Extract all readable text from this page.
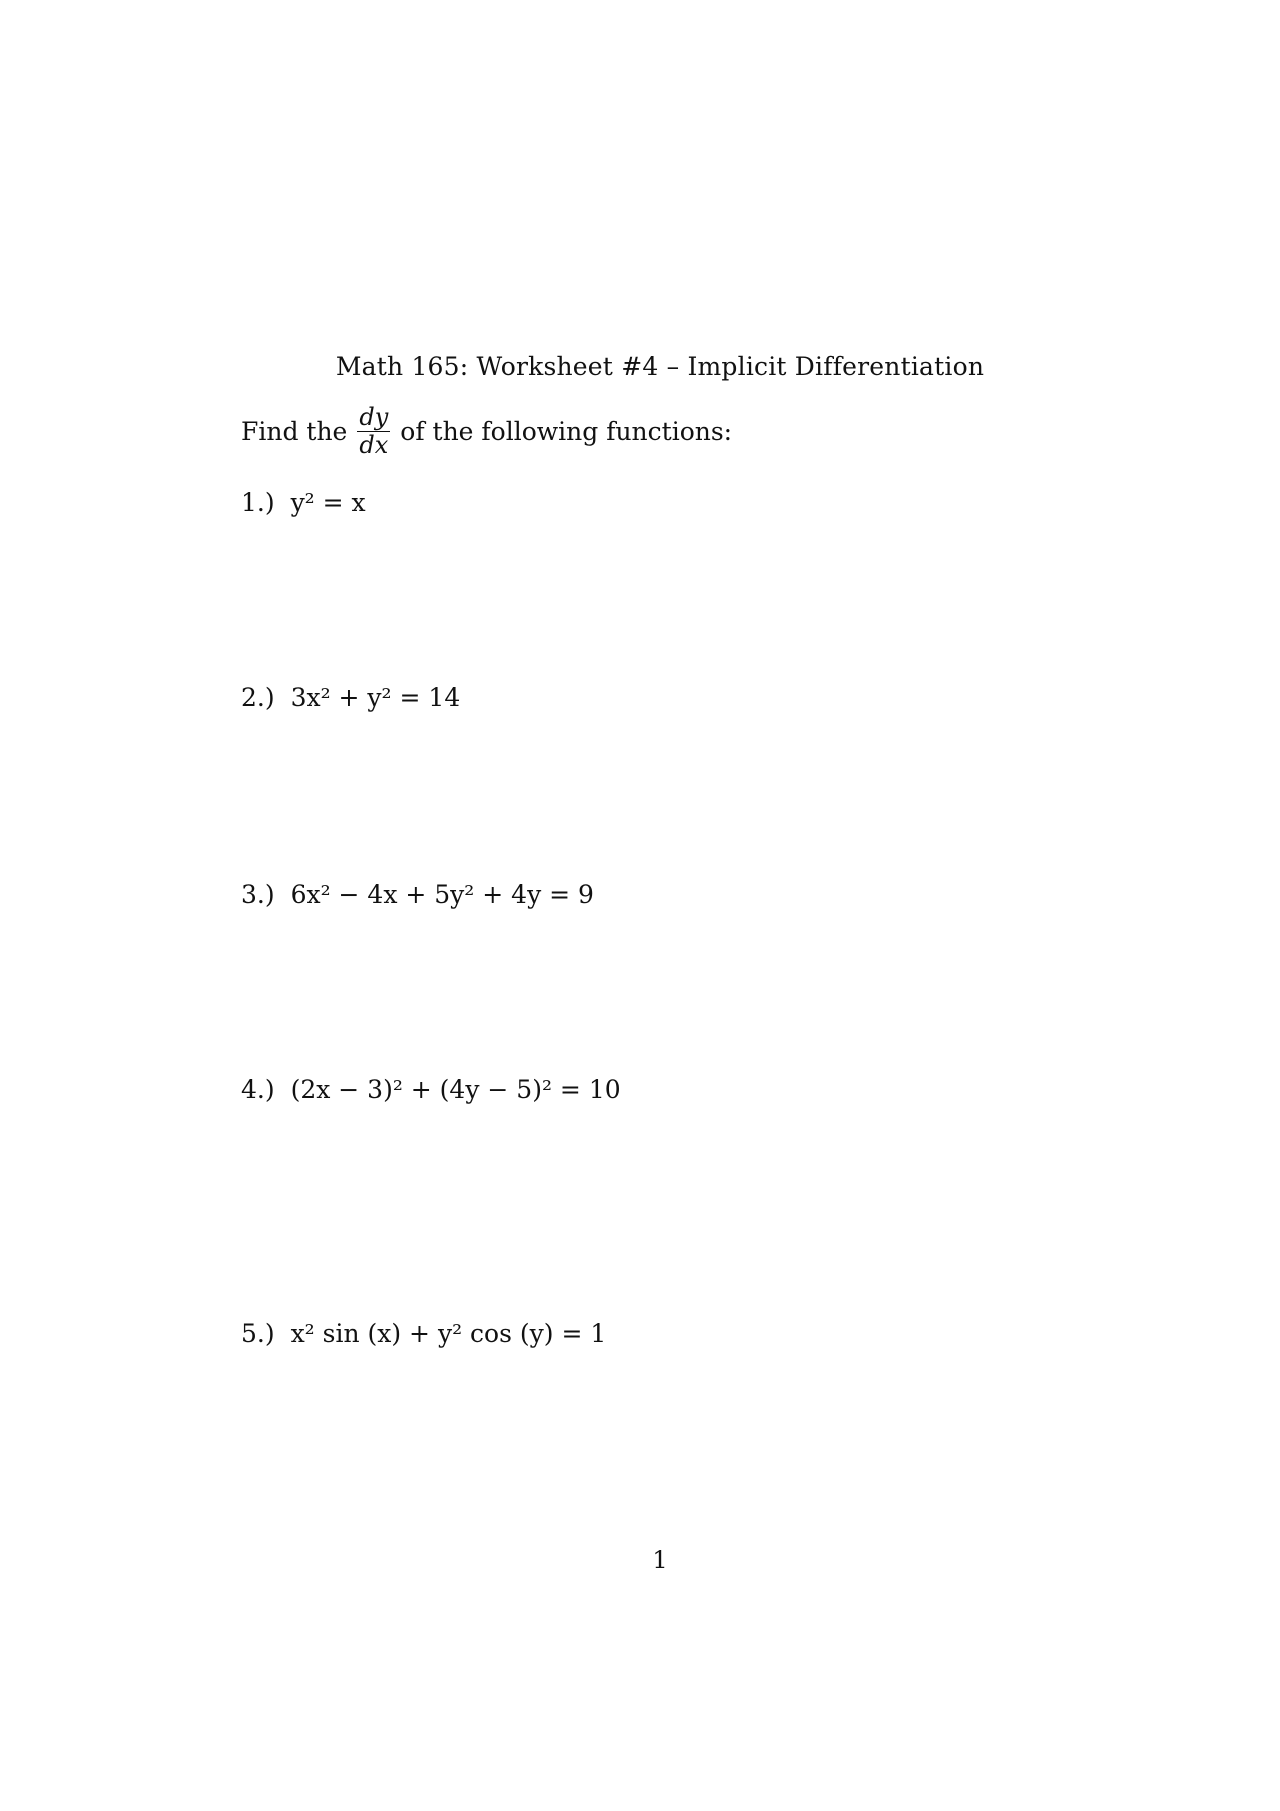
Math 165: Worksheet #4 – Implicit Differentiation
Find the $\frac{dy}{dx}$ of the following functions:
1.) y² = x
2.) 3x² + y² = 14
3.) 6x² − 4x + 5y² + 4y = 9
4.) (2x − 3)² + (4y − 5)² = 10
5.) x² sin (x) + y² cos (y) = 1
1
